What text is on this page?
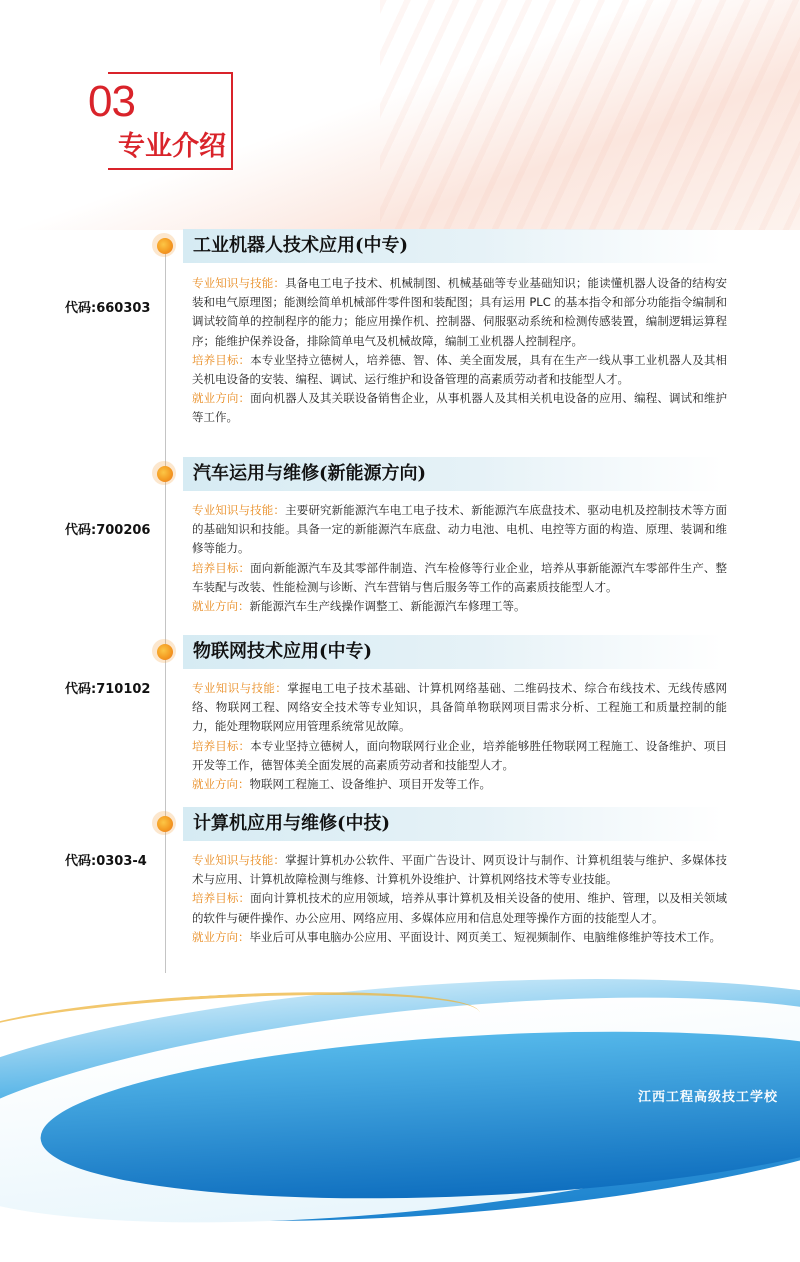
03
专业介绍
工业机器人技术应用(中专)
代码:660303

专业知识与技能：具备电工电子技术、机械制图、机械基础等专业基础知识；能读懂机器人设备的结构安装和电气原理图；能测绘简单机械部件零件图和装配图；具有运用 PLC 的基本指令和部分功能指令编制和调试较简单的控制程序的能力；能应用操作机、控制器、伺服驱动系统和检测传感装置，编制逻辑运算程序；能维护保养设备，排除简单电气及机械故障，编制工业机器人控制程序。

培养目标：本专业坚持立德树人，培养德、智、体、美全面发展，具有在生产一线从事工业机器人及其相关机电设备的安装、编程、调试、运行维护和设备管理的高素质劳动者和技能型人才。

就业方向：面向机器人及其关联设备销售企业，从事机器人及其相关机电设备的应用、编程、调试和维护等工作。

汽车运用与维修(新能源方向)
代码:700206

专业知识与技能：主要研究新能源汽车电工电子技术、新能源汽车底盘技术、驱动电机及控制技术等方面的基础知识和技能。具备一定的新能源汽车底盘、动力电池、电机、电控等方面的构造、原理、装调和维修等能力。

培养目标：面向新能源汽车及其零部件制造、汽车检修等行业企业，培养从事新能源汽车零部件生产、整车装配与改装、性能检测与诊断、汽车营销与售后服务等工作的高素质技能型人才。

就业方向：新能源汽车生产线操作调整工、新能源汽车修理工等。

物联网技术应用(中专)
代码:710102	专业知识与技能：掌握电工电子技术基础、计算机网络基础、二维码技术、综合布线技术、无线传感网络、物联网工程、网络安全技术等专业知识，具备简单物联网项目需求分析、工程施工和质量控制的能力，能处理物联网应用管理系统常见故障。

培养目标：本专业坚持立德树人，面向物联网行业企业，培养能够胜任物联网工程施工、设备维护、项目开发等工作，德智体美全面发展的高素质劳动者和技能型人才。

就业方向：物联网工程施工、设备维护、项目开发等工作。

计算机应用与维修(中技)
代码:0303-4	专业知识与技能：掌握计算机办公软件、平面广告设计、网页设计与制作、计算机组装与维护、多媒体技术与应用、计算机故障检测与维修、计算机外设维护、计算机网络技术等专业技能。

培养目标：面向计算机技术的应用领域，培养从事计算机及相关设备的使用、维护、管理，以及相关领域的软件与硬件操作、办公应用、网络应用、多媒体应用和信息处理等操作方面的技能型人才。

就业方向：毕业后可从事电脑办公应用、平面设计、网页美工、短视频制作、电脑维修维护等技术工作。

江西工程高级技工学校
